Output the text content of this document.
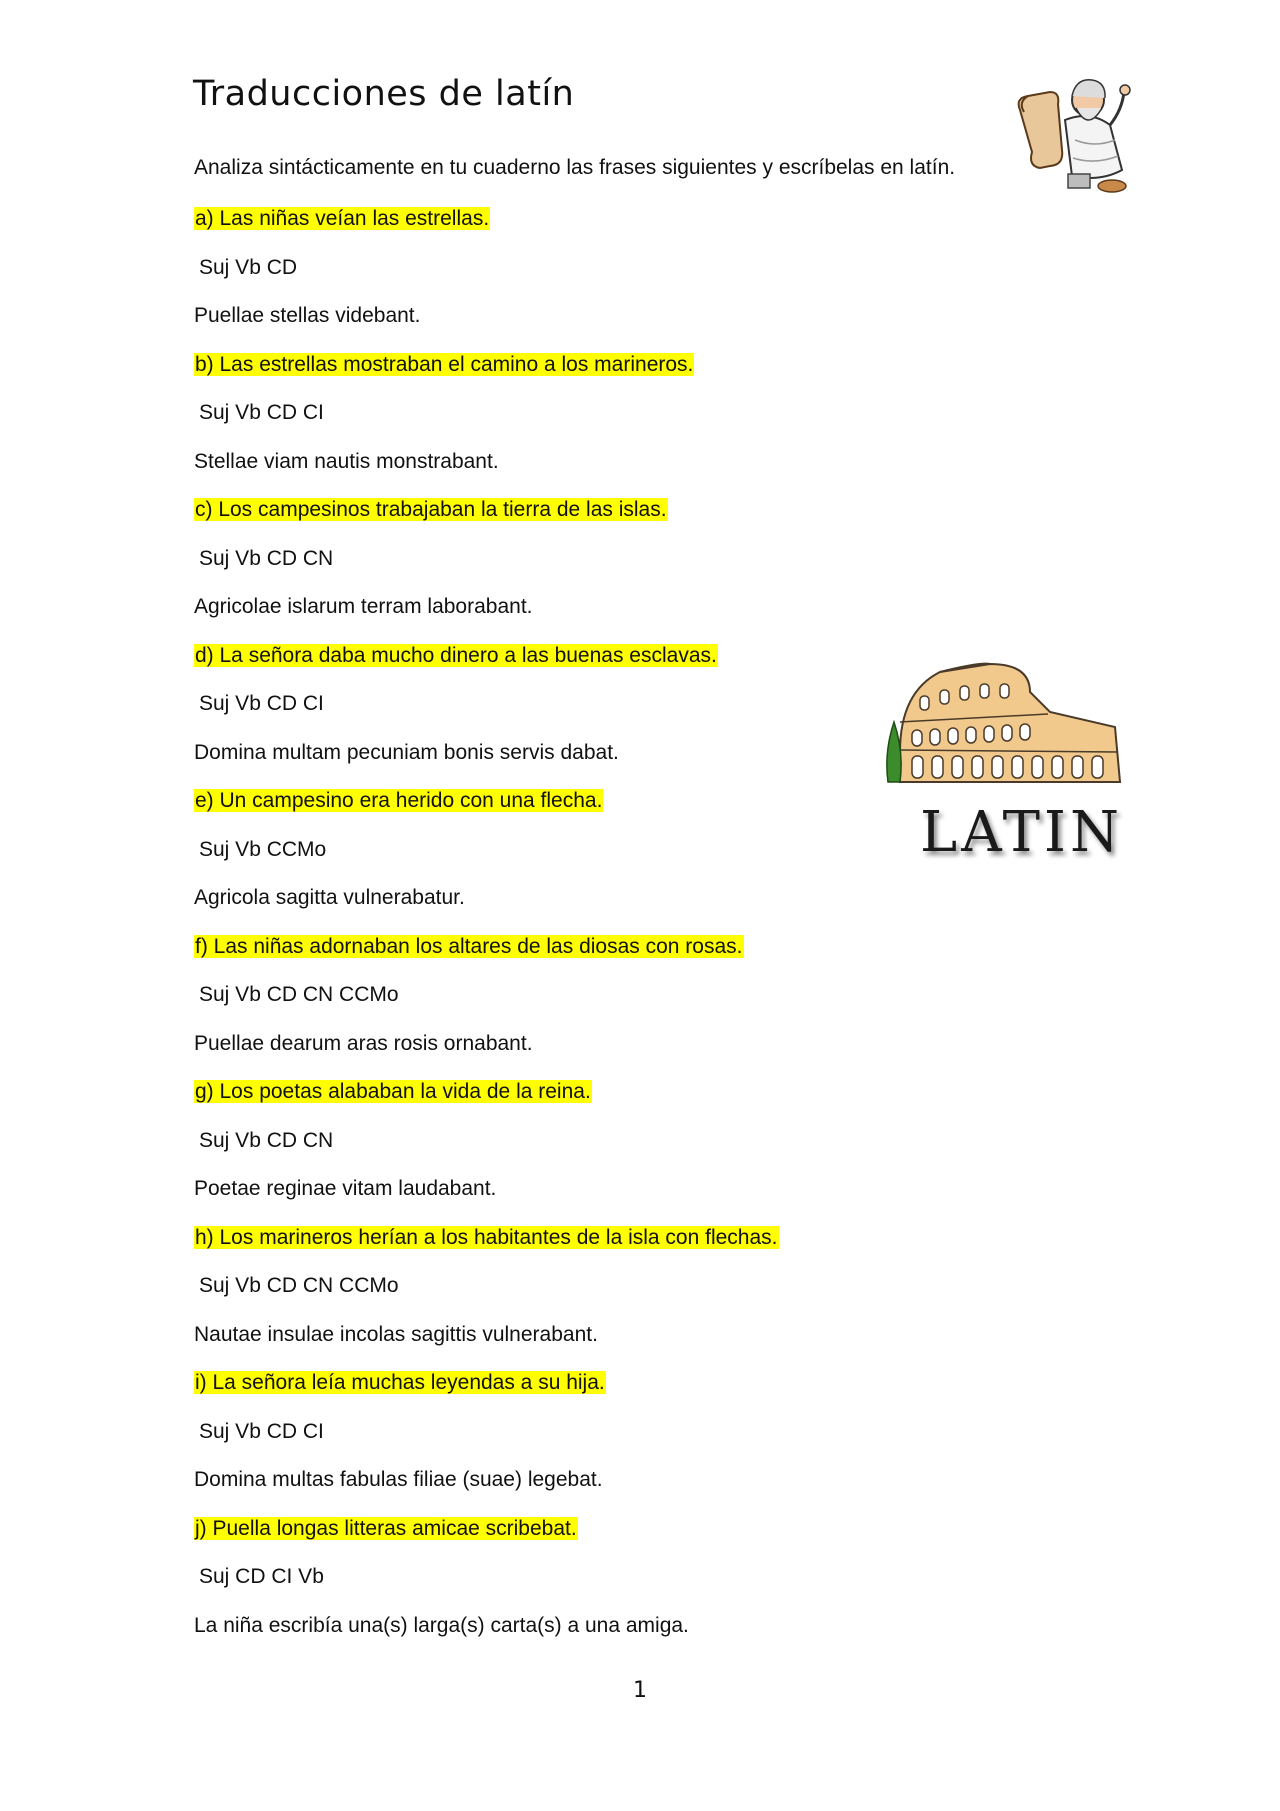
Traducciones de latín
Analiza sintácticamente en tu cuaderno las frases siguientes y escríbelas en latín.
LATIN
a) Las niñas veían las estrellas.
Suj Vb CD
Puellae stellas videbant.
b) Las estrellas mostraban el camino a los marineros.
Suj Vb CD CI
Stellae viam nautis monstrabant.
c) Los campesinos trabajaban la tierra de las islas.
Suj Vb CD CN
Agricolae islarum terram laborabant.
d) La señora daba mucho dinero a las buenas esclavas.
Suj Vb CD CI
Domina multam pecuniam bonis servis dabat.
e) Un campesino era herido con una flecha.
Suj Vb CCMo
Agricola sagitta vulnerabatur.
f) Las niñas adornaban los altares de las diosas con rosas.
Suj Vb CD CN CCMo
Puellae dearum aras rosis ornabant.
g) Los poetas alababan la vida de la reina.
Suj Vb CD CN
Poetae reginae vitam laudabant.
h) Los marineros herían a los habitantes de la isla con flechas.
Suj Vb CD CN CCMo
Nautae insulae incolas sagittis vulnerabant.
i) La señora leía muchas leyendas a su hija.
Suj Vb CD CI
Domina multas fabulas filiae (suae) legebat.
j) Puella longas litteras amicae scribebat.
Suj CD CI Vb
La niña escribía una(s) larga(s) carta(s) a una amiga.
1
